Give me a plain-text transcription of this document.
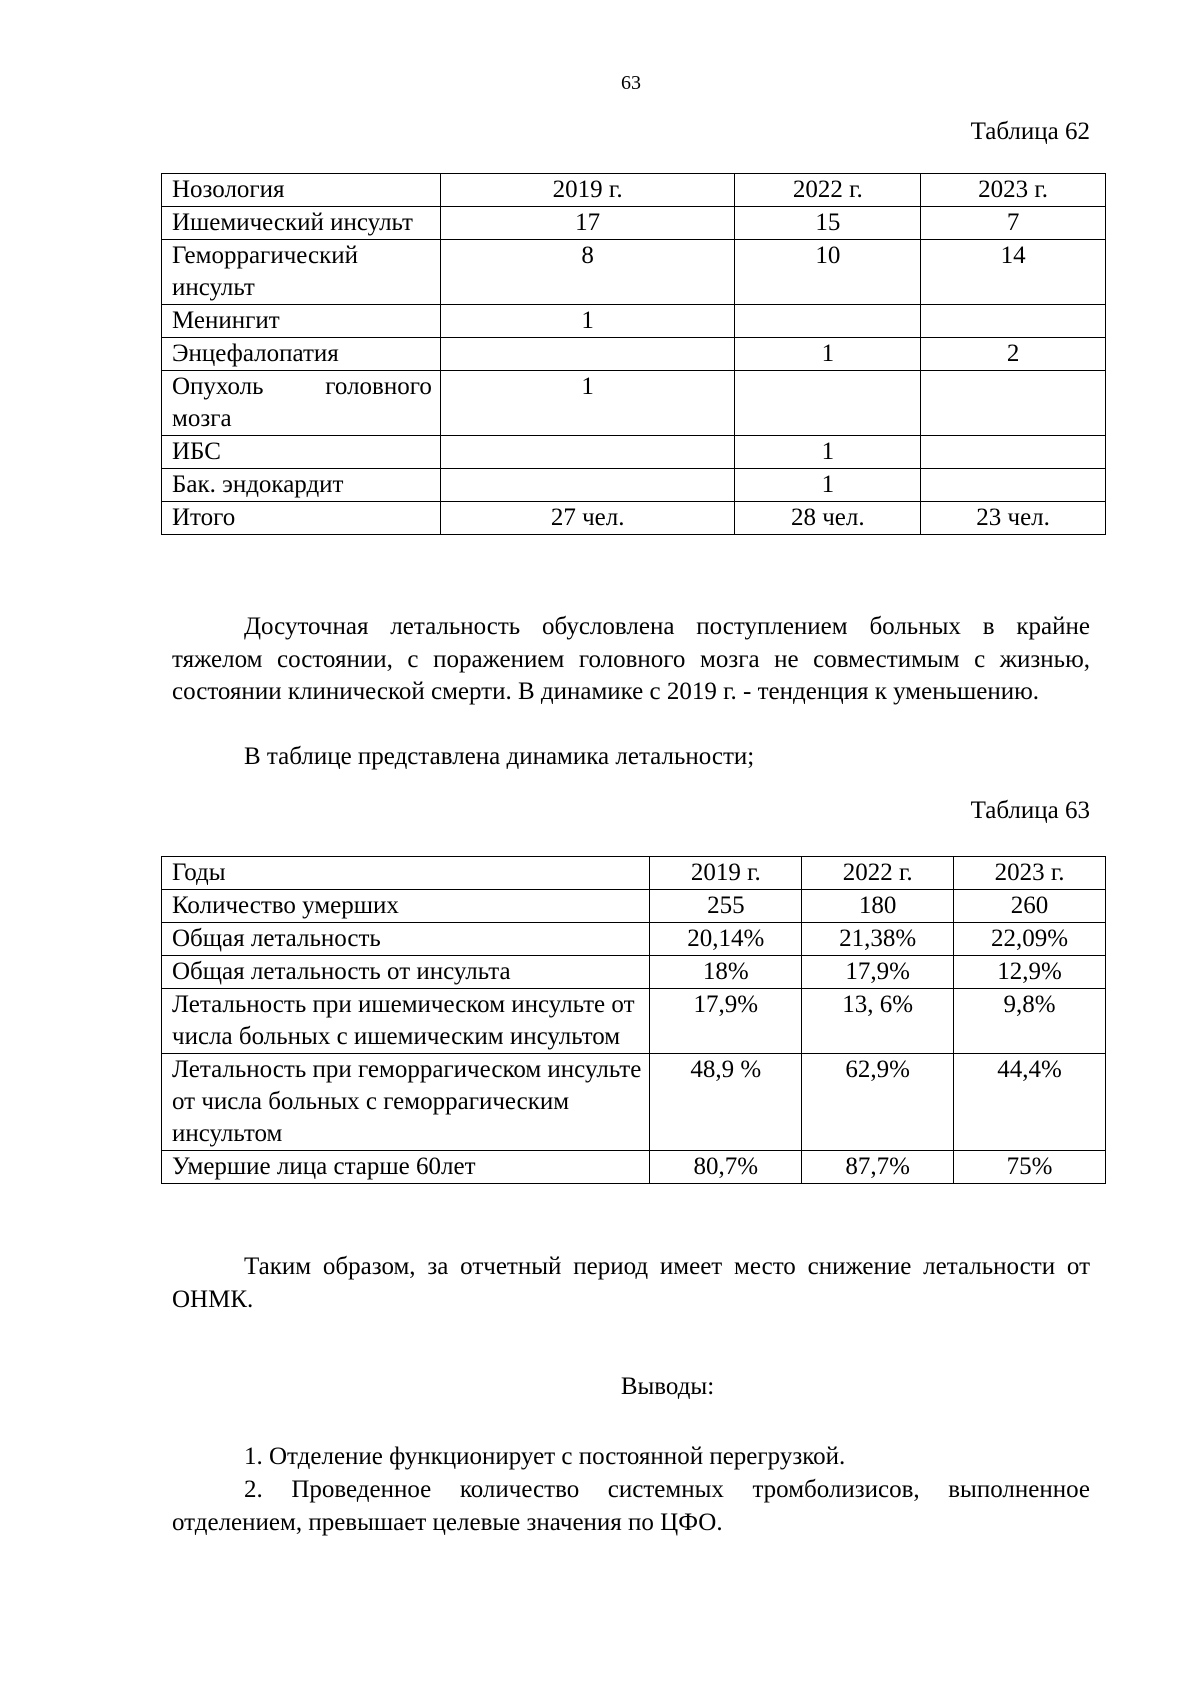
63
Таблица 62
Нозология	2019 г.	2022 г.	2023 г.
Ишемический инсульт	17	15	7
Геморрагический инсульт	8	10	14
Менингит	1		
Энцефалопатия		1	2
Опухоль головного мозга	1		
ИБС		1	
Бак. эндокардит		1	
Итого	27 чел.	28 чел.	23 чел.

Досуточная летальность обусловлена поступлением больных в крайне тяжелом состоянии, с поражением головного мозга не совместимым с жизнью, состоянии клинической смерти. В динамике с 2019 г. - тенденция к уменьшению.

В таблице представлена динамика летальности;

Таблица 63
Годы	2019 г.	2022 г.	2023 г.
Количество умерших	255	180	260
Общая летальность	20,14%	21,38%	22,09%
Общая летальность от инсульта	18%	17,9%	12,9%
Летальность при ишемическом инсульте от числа больных с ишемическим инсультом	17,9%	13, 6%	9,8%
Летальность при геморрагическом инсульте от числа больных с геморрагическим инсультом	48,9 %	62,9%	44,4%
Умершие лица старше 60лет	80,7%	87,7%	75%

Таким образом, за отчетный период имеет место снижение летальности от ОНМК.

Выводы:

1. Отделение функционирует с постоянной перегрузкой.

2. Проведенное количество системных тромболизисов, выполненное отделением, превышает целевые значения по ЦФО.
